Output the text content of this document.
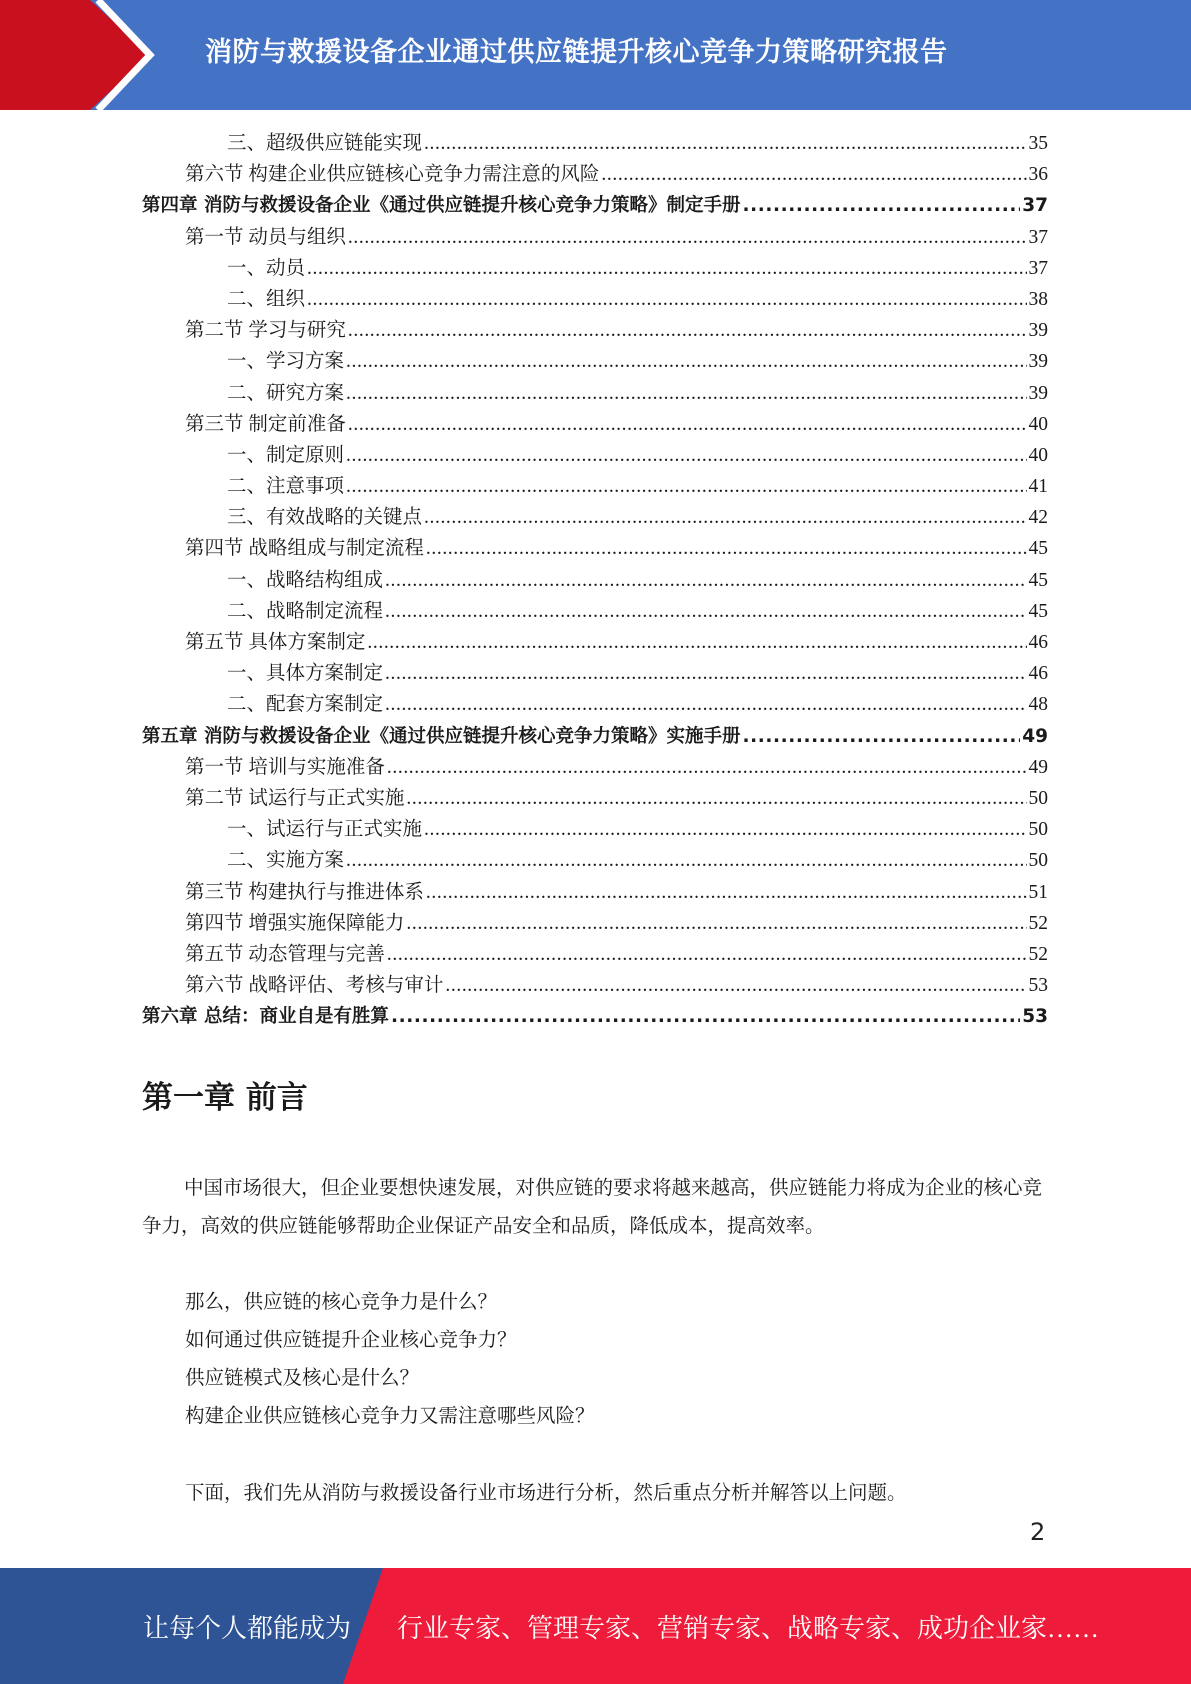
消防与救援设备企业通过供应链提升核心竞争力策略研究报告
三、超级供应链能实现 .....	35
第六节 构建企业供应链核心竞争力需注意的风险 .....	36
第四章 消防与救援设备企业《通过供应链提升核心竞争力策略》制定手册 .....	37
第一节 动员与组织 .....	37
一、动员 .....	37
二、组织 .....	38
第二节 学习与研究 .....	39
一、学习方案 .....	39
二、研究方案 .....	39
第三节 制定前准备 .....	40
一、制定原则 .....	40
二、注意事项 .....	41
三、有效战略的关键点 .....	42
第四节 战略组成与制定流程 .....	45
一、战略结构组成 .....	45
二、战略制定流程 .....	45
第五节 具体方案制定 .....	46
一、具体方案制定 .....	46
二、配套方案制定 .....	48
第五章 消防与救援设备企业《通过供应链提升核心竞争力策略》实施手册 .....	49
第一节 培训与实施准备 .....	49
第二节 试运行与正式实施 .....	50
一、试运行与正式实施 .....	50
二、实施方案 .....	50
第三节 构建执行与推进体系 .....	51
第四节 增强实施保障能力 .....	52
第五节 动态管理与完善 .....	52
第六节 战略评估、考核与审计 .....	53
第六章 总结：商业自是有胜算 .....	53
第一章 前言
中国市场很大，但企业要想快速发展，对供应链的要求将越来越高，供应链能力将成为企业的核心竞争力，高效的供应链能够帮助企业保证产品安全和品质，降低成本，提高效率。
那么，供应链的核心竞争力是什么？
如何通过供应链提升企业核心竞争力？
供应链模式及核心是什么？
构建企业供应链核心竞争力又需注意哪些风险？
下面，我们先从消防与救援设备行业市场进行分析，然后重点分析并解答以上问题。
2
让每个人都能成为 行业专家、管理专家、营销专家、战略专家、成功企业家……
